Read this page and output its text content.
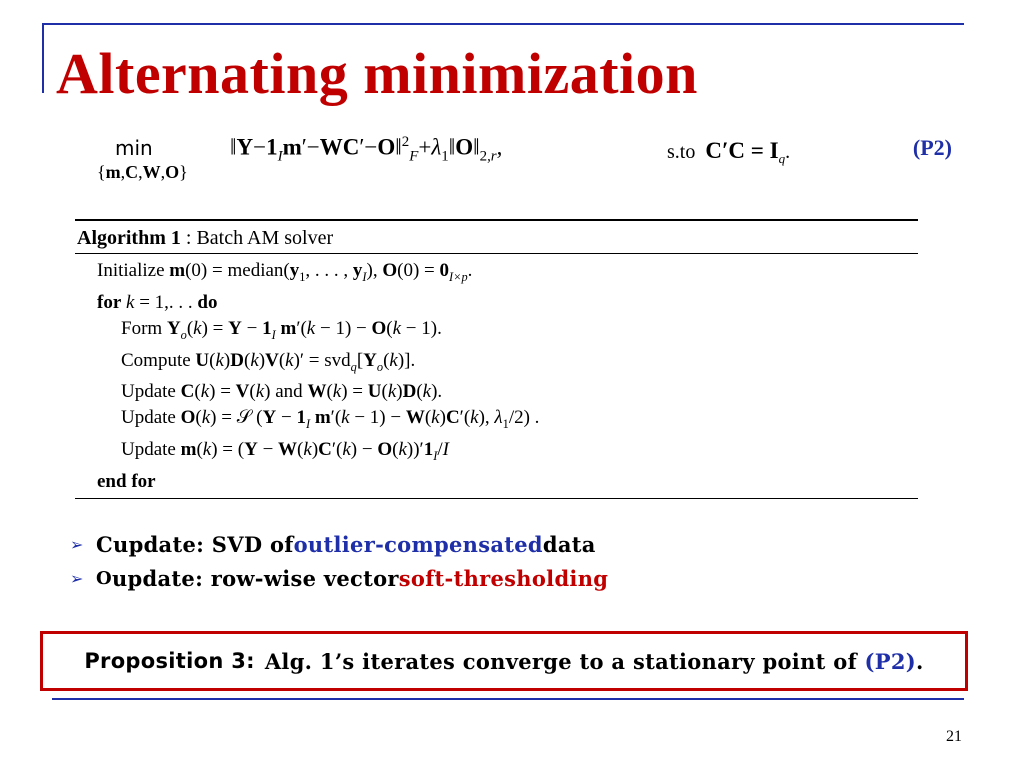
Alternating minimization
min
{m,C,W,O}
$‖Y-1_Im'-WC'-O‖^2_F+\lambda_1‖O‖_{2,r}$,	s.to $C'C = I_q$.	(P2)
Algorithm 1 : Batch AM solver
Initialize $m(0) = median(y_1$, . . . , $y_I$), $O(0) = 0_{I\times p}$.
for k = 1,. . . do
Form $Y_o(k) = Y - 1_I$ m′(k − 1) − O(k − 1).
Compute $U(k)D(k)V(k)' = svd_q[Y_o(k)]$.
Update C(k) = V(k) and W(k) = U(k)D(k).
Update O(k) = 𝒮 ($Y - 1_I$ m′(k − 1) − W(k)C′(k), $\lambda_1/2$) .
Update $m(k) = (Y - W(k)C'(k) - O(k))'1_I/I$
end for
➢ C update: SVD of outlier-compensated data
➢ O update: row-wise vector soft-thresholding
Proposition 3: Alg. 1’s iterates converge to a stationary point of
(P2) .
21
